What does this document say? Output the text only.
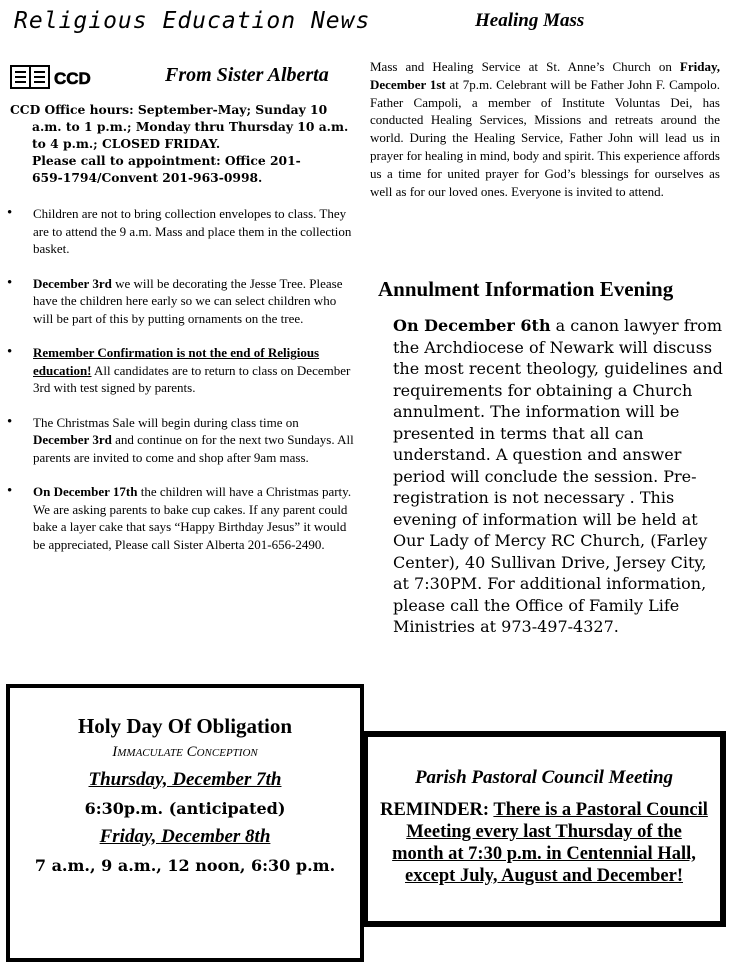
Religious Education News
CCD	From Sister Alberta
CCD Office hours: September-May; Sunday 10
a.m. to 1 p.m.; Monday thru Thursday 10 a.m.
to 4 p.m.; CLOSED FRIDAY.
Please call to appointment: Office 201-
659-1794/Convent 201-963-0998.
• Children are not to bring collection envelopes to class. They are to attend the 9 a.m. Mass and place them in the collection basket.
• December 3rd we will be decorating the Jesse Tree. Please have the children here early so we can select children who will be part of this by putting ornaments on the tree.
• Remember Confirmation is not the end of Religious education! All candidates are to return to class on December 3rd with test signed by parents.
• The Christmas Sale will begin during class time on December 3rd and continue on for the next two Sundays. All parents are invited to come and shop after 9am mass.
• On December 17th the children will have a Christmas party. We are asking parents to bake cup cakes. If any parent could bake a layer cake that says “Happy Birthday Jesus” it would be appreciated, Please call Sister Alberta 201-656-2490.
Healing Mass
Mass and Healing Service at St. Anne’s Church on Friday, December 1st at 7p.m. Celebrant will be Father John F. Campolo. Father Campoli, a member of Institute Voluntas Dei, has conducted Healing Services, Missions and retreats around the world. During the Healing Service, Father John will lead us in prayer for healing in mind, body and spirit. This experience affords us a time for united prayer for God’s blessings for ourselves as well as for our loved ones. Everyone is invited to attend.
Annulment Information Evening
On December 6th a canon lawyer from the Archdiocese of Newark will discuss the most recent theology, guidelines and requirements for obtaining a Church annulment. The information will be presented in terms that all can understand. A question and answer period will conclude the session. Pre-registration is not necessary . This evening of information will be held at Our Lady of Mercy RC Church, (Farley Center), 40 Sullivan Drive, Jersey City, at 7:30PM. For additional information, please call the Office of Family Life Ministries at 973-497-4327.
Holy Day Of Obligation
Immaculate Conception
Thursday, December 7th
6:30p.m. (anticipated)
Friday, December 8th
7 a.m., 9 a.m., 12 noon, 6:30 p.m.
Parish Pastoral Council Meeting
REMINDER: There is a Pastoral Council Meeting every last Thursday of the month at 7:30 p.m. in Centennial Hall, except July, August and December!
